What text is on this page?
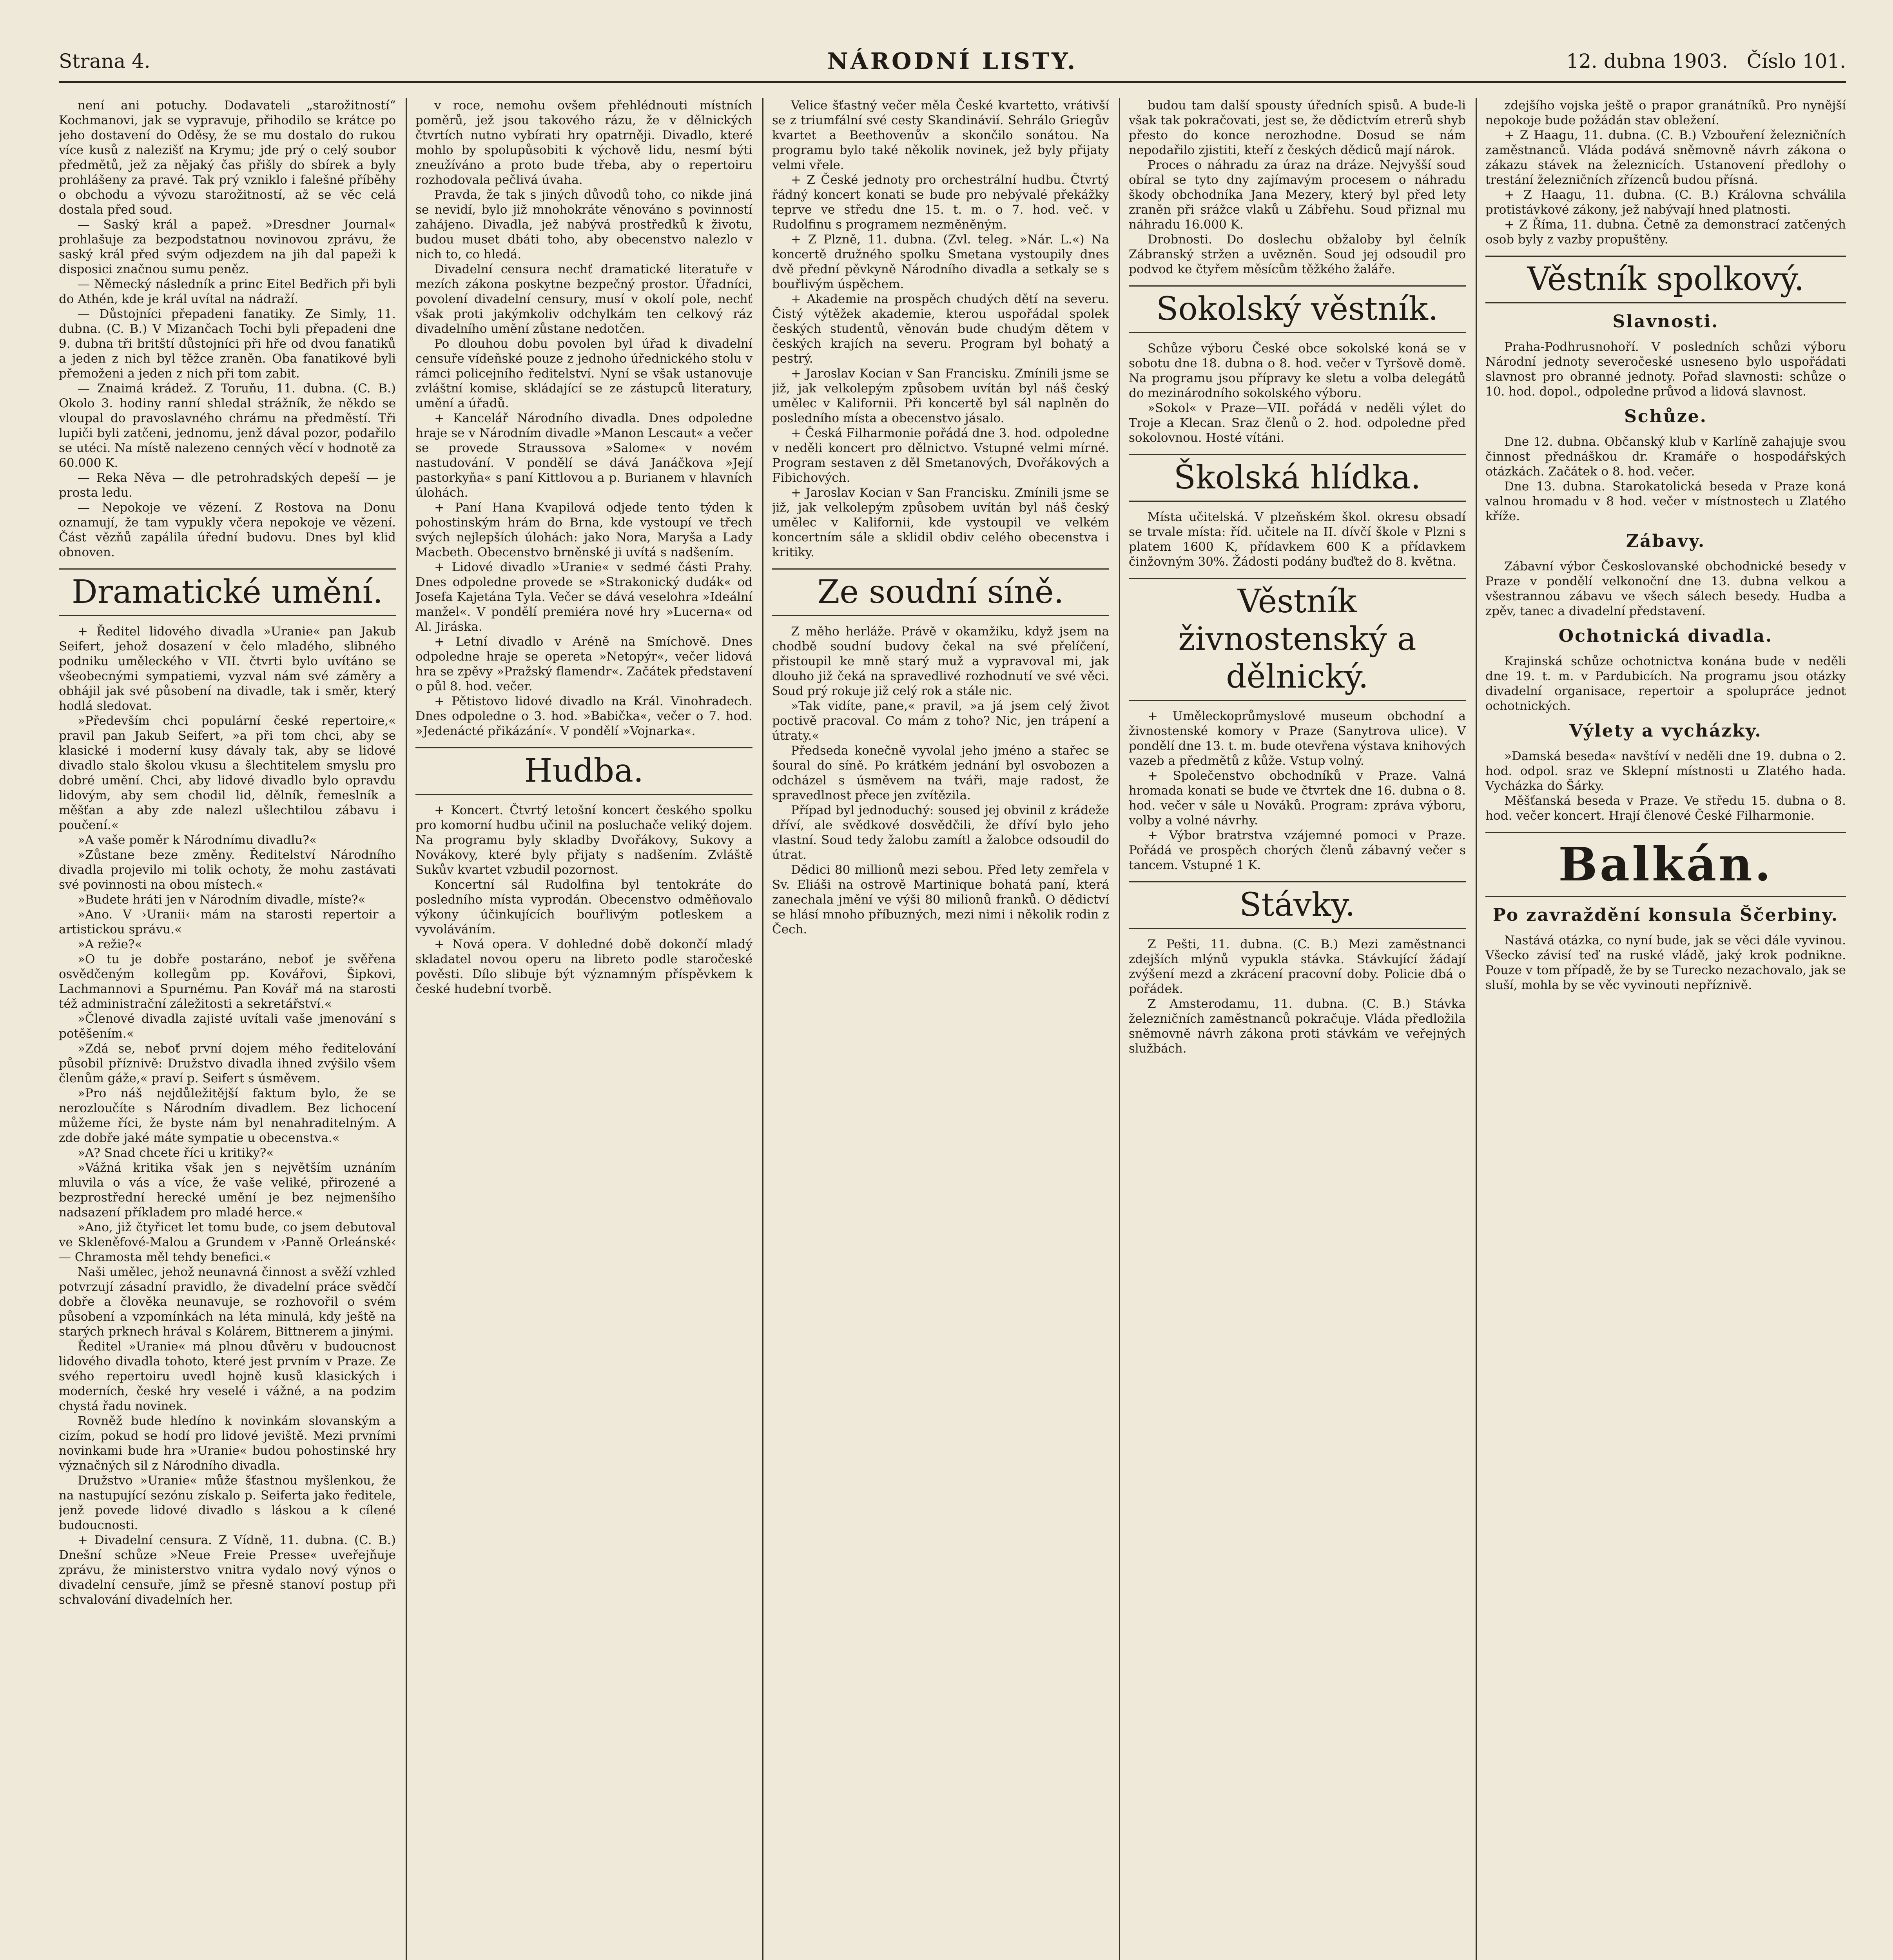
Strana 4.	NÁRODNÍ LISTY.	12. dubna 1903. Číslo 101.

není ani potuchy. Dodavateli „starožitností“ Kochmanovi, jak se vypravuje, přihodilo se krátce po jeho dostavení do Oděsy, že se mu dostalo do rukou více kusů z nalezišť na Krymu; jde prý o celý soubor předmětů, jež za nějaký čas přišly do sbírek a byly prohlášeny za pravé. Tak prý vzniklo i falešné příběhy o obchodu a vývozu starožitností, až se věc celá dostala před soud.

— Saský král a papež. »Dresdner Journal« prohlašuje za bezpodstatnou novinovou zprávu, že saský král před svým odjezdem na jih dal papeži k disposici značnou sumu peněz.

— Německý následník a princ Eitel Bedřich při byli do Athén, kde je král uvítal na nádraží.

— Důstojníci přepadeni fanatiky. Ze Simly, 11. dubna. (C. B.) V Mizančach Tochi byli přepadeni dne 9. dubna tři britští důstojníci při hře od dvou fanatiků a jeden z nich byl těžce zraněn. Oba fanatikové byli přemoženi a jeden z nich při tom zabit.

— Znaimá krádež. Z Toruňu, 11. dubna. (C. B.) Okolo 3. hodiny ranní shledal strážník, že někdo se vloupal do pravoslavného chrámu na předměstí. Tři lupiči byli zatčeni, jednomu, jenž dával pozor, podařilo se utéci. Na místě nalezeno cenných věcí v hodnotě za 60.000 K.

— Reka Něva — dle petrohradských depeší — je prosta ledu.

— Nepokoje ve vězení. Z Rostova na Donu oznamují, že tam vypukly včera nepokoje ve vězení. Část vězňů zapálila úřední budovu. Dnes byl klid obnoven.

Dramatické umění.

+ Ředitel lidového divadla »Uranie« pan Jakub Seifert, jehož dosazení v čelo mladého, slibného podniku uměleckého v VII. čtvrti bylo uvítáno se všeobecnými sympatiemi, vyzval nám své záměry a obhájil jak své působení na divadle, tak i směr, který hodlá sledovat.

»Především chci populární české repertoire,« pravil pan Jakub Seifert, »a při tom chci, aby se klasické i moderní kusy dávaly tak, aby se lidové divadlo stalo školou vkusu a šlechtitelem smyslu pro dobré umění. Chci, aby lidové divadlo bylo opravdu lidovým, aby sem chodil lid, dělník, řemeslník a měšťan a aby zde nalezl ušlechtilou zábavu i poučení.«

»A vaše poměr k Národnímu divadlu?«

»Zůstane beze změny. Ředitelství Národního divadla projevilo mi tolik ochoty, že mohu zastávati své povinnosti na obou místech.«

»Budete hráti jen v Národním divadle, míste?«

»Ano. V ›Uranii‹ mám na starosti repertoir a artistickou správu.«

»A režie?«

»O tu je dobře postaráno, neboť je svěřena osvědčeným kollegům pp. Kovářovi, Šipkovi, Lachmannovi a Spurnému. Pan Kovář má na starosti též administrační záležitosti a sekretářství.«

»Členové divadla zajisté uvítali vaše jmenování s potěšením.«

»Zdá se, neboť první dojem mého ředitelování působil příznivě: Družstvo divadla ihned zvýšilo všem členům gáže,« praví p. Seifert s úsměvem.

»Pro náš nejdůležitější faktum bylo, že se nerozloučíte s Národním divadlem. Bez lichocení můžeme říci, že byste nám byl nenahraditelným. A zde dobře jaké máte sympatie u obecenstva.«

»A? Snad chcete říci u kritiky?«

»Vážná kritika však jen s největším uznáním mluvila o vás a více, že vaše veliké, přirozené a bezprostřední herecké umění je bez nejmenšího nadsazení příkladem pro mladé herce.«

»Ano, již čtyřicet let tomu bude, co jsem debutoval ve Skleněfové-Malou a Grundem v ›Panně Orleánské‹ — Chramosta měl tehdy benefici.«

Naši umělec, jehož neunavná činnost a svěží vzhled potvrzují zásadní pravidlo, že divadelní práce svědčí dobře a člověka neunavuje, se rozhovořil o svém působení a vzpomínkách na léta minulá, kdy ještě na starých prknech hrával s Kolárem, Bittnerem a jinými.

Ředitel »Uranie« má plnou důvěru v budoucnost lidového divadla tohoto, které jest prvním v Praze. Ze svého repertoiru uvedl hojně kusů klasických i moderních, české hry veselé i vážné, a na podzim chystá řadu novinek.

Rovněž bude hledíno k novinkám slovanským a cizím, pokud se hodí pro lidové jeviště. Mezi prvními novinkami bude hra »Uranie« budou pohostinské hry význačných sil z Národního divadla.

Družstvo »Uranie« může šťastnou myšlenkou, že na nastupující sezónu získalo p. Seiferta jako ředitele, jenž povede lidové divadlo s láskou a k cílené budoucnosti.

+ Divadelní censura. Z Vídně, 11. dubna. (C. B.) Dnešní schůze »Neue Freie Presse« uveřejňuje zprávu, že ministerstvo vnitra vydalo nový výnos o divadelní censuře, jímž se přesně stanoví postup při schvalování divadelních her.

v roce, nemohu ovšem přehlédnouti místních poměrů, jež jsou takového rázu, že v dělnických čtvrtích nutno vybírati hry opatrněji. Divadlo, které mohlo by spolupůsobiti k výchově lidu, nesmí býti zneužíváno a proto bude třeba, aby o repertoiru rozhodovala pečlivá úvaha.

Pravda, že tak s jiných důvodů toho, co nikde jiná se nevidí, bylo již mnohokráte věnováno s povinností zahájeno. Divadla, jež nabývá prostředků k životu, budou muset dbáti toho, aby obecenstvo nalezlo v nich to, co hledá.

Divadelní censura nechť dramatické literatuře v mezích zákona poskytne bezpečný prostor. Úřadníci, povolení divadelní censury, musí v okolí pole, nechť však proti jakýmkoliv odchylkám ten celkový ráz divadelního umění zůstane nedotčen.

Po dlouhou dobu povolen byl úřad k divadelní censuře vídeňské pouze z jednoho úřednického stolu v rámci policejního ředitelství. Nyní se však ustanovuje zvláštní komise, skládající se ze zástupců literatury, umění a úřadů.

+ Kancelář Národního divadla. Dnes odpoledne hraje se v Národním divadle »Manon Lescaut« a večer se provede Straussova »Salome« v novém nastudování. V pondělí se dává Janáčkova »Její pastorkyňa« s paní Kittlovou a p. Burianem v hlavních úlohách.

+ Paní Hana Kvapilová odjede tento týden k pohostinským hrám do Brna, kde vystoupí ve třech svých nejlepších úlohách: jako Nora, Maryša a Lady Macbeth. Obecenstvo brněnské ji uvítá s nadšením.

+ Lidové divadlo »Uranie« v sedmé části Prahy. Dnes odpoledne provede se »Strakonický dudák« od Josefa Kajetána Tyla. Večer se dává veselohra »Ideální manžel«. V pondělí premiéra nové hry »Lucerna« od Al. Jiráska.

+ Letní divadlo v Aréně na Smíchově. Dnes odpoledne hraje se opereta »Netopýr«, večer lidová hra se zpěvy »Pražský flamendr«. Začátek představení o půl 8. hod. večer.

+ Pětistovo lidové divadlo na Král. Vinohradech. Dnes odpoledne o 3. hod. »Babička«, večer o 7. hod. »Jedenácté přikázání«. V pondělí »Vojnarka«.

Hudba.

+ Koncert. Čtvrtý letošní koncert českého spolku pro komorní hudbu učinil na posluchače veliký dojem. Na programu byly skladby Dvořákovy, Sukovy a Novákovy, které byly přijaty s nadšením. Zvláště Sukův kvartet vzbudil pozornost.

Koncertní sál Rudolfina byl tentokráte do posledního místa vyprodán. Obecenstvo odměňovalo výkony účinkujících bouřlivým potleskem a vyvoláváním.

+ Nová opera. V dohledné době dokončí mladý skladatel novou operu na libreto podle staročeské pověsti. Dílo slibuje být významným příspěvkem k české hudební tvorbě.

Velice šťastný večer měla České kvartetto, vrátivší se z triumfální své cesty Skandinávií. Sehrálo Griegův kvartet a Beethovenův a skončilo sonátou. Na programu bylo také několik novinek, jež byly přijaty velmi vřele.

+ Z České jednoty pro orchestrální hudbu. Čtvrtý řádný koncert konati se bude pro nebývalé překážky teprve ve středu dne 15. t. m. o 7. hod. več. v Rudolfinu s programem nezměněným.

+ Z Plzně, 11. dubna. (Zvl. teleg. »Nár. L.«) Na koncertě družného spolku Smetana vystoupily dnes dvě přední pěvkyně Národního divadla a setkaly se s bouřlivým úspěchem.

+ Akademie na prospěch chudých dětí na severu. Čistý výtěžek akademie, kterou uspořádal spolek českých studentů, věnován bude chudým dětem v českých krajích na severu. Program byl bohatý a pestrý.

+ Jaroslav Kocian v San Francisku. Zmínili jsme se již, jak velkolepým způsobem uvítán byl náš český umělec v Kalifornii. Při koncertě byl sál naplněn do posledního místa a obecenstvo jásalo.

+ Česká Filharmonie pořádá dne 3. hod. odpoledne v neděli koncert pro dělnictvo. Vstupné velmi mírné. Program sestaven z děl Smetanových, Dvořákových a Fibichových.

+ Jaroslav Kocian v San Francisku. Zmínili jsme se již, jak velkolepým způsobem uvítán byl náš český umělec v Kalifornii, kde vystoupil ve velkém koncertním sále a sklidil obdiv celého obecenstva i kritiky.

Ze soudní síně.

Z měho herláže. Právě v okamžiku, když jsem na chodbě soudní budovy čekal na své přelíčení, přistoupil ke mně starý muž a vypravoval mi, jak dlouho již čeká na spravedlivé rozhodnutí ve své věci. Soud prý rokuje již celý rok a stále nic.

»Tak vidíte, pane,« pravil, »a já jsem celý život poctivě pracoval. Co mám z toho? Nic, jen trápení a útraty.«

Předseda konečně vyvolal jeho jméno a stařec se šoural do síně. Po krátkém jednání byl osvobozen a odcházel s úsměvem na tváři, maje radost, že spravedlnost přece jen zvítězila.

Případ byl jednoduchý: soused jej obvinil z krádeže dříví, ale svědkové dosvědčili, že dříví bylo jeho vlastní. Soud tedy žalobu zamítl a žalobce odsoudil do útrat.

Dědici 80 millionů mezi sebou. Před lety zemřela v Sv. Eliáši na ostrově Martinique bohatá paní, která zanechala jmění ve výši 80 milionů franků. O dědictví se hlásí mnoho příbuzných, mezi nimi i několik rodin z Čech.

budou tam další spousty úředních spisů. A bude-li však tak pokračovati, jest se, že dědictvím etrerů shyb přesto do konce nerozhodne. Dosud se nám nepodařilo zjistiti, kteří z českých dědiců mají nárok.

Proces o náhradu za úraz na dráze. Nejvyšší soud obíral se tyto dny zajímavým procesem o náhradu škody obchodníka Jana Mezery, který byl před lety zraněn při srážce vlaků u Zábřehu. Soud přiznal mu náhradu 16.000 K.

Drobnosti. Do doslechu obžaloby byl čelník Zábranský stržen a uvězněn. Soud jej odsoudil pro podvod ke čtyřem měsícům těžkého žaláře.

Sokolský věstník.

Schůze výboru České obce sokolské koná se v sobotu dne 18. dubna o 8. hod. večer v Tyršově domě. Na programu jsou přípravy ke sletu a volba delegátů do mezinárodního sokolského výboru.

»Sokol« v Praze—VII. pořádá v neděli výlet do Troje a Klecan. Sraz členů o 2. hod. odpoledne před sokolovnou. Hosté vítáni.

Školská hlídka.

Místa učitelská. V plzeňském škol. okresu obsadí se trvale místa: říd. učitele na II. dívčí škole v Plzni s platem 1600 K, přídavkem 600 K a přídavkem činžovným 30%. Žádosti podány buďtež do 8. května.

Věstník živnostenský a dělnický.

+ Uměleckoprůmyslové museum obchodní a živnostenské komory v Praze (Sanytrova ulice). V pondělí dne 13. t. m. bude otevřena výstava knihových vazeb a předmětů z kůže. Vstup volný.

+ Společenstvo obchodníků v Praze. Valná hromada konati se bude ve čtvrtek dne 16. dubna o 8. hod. večer v sále u Nováků. Program: zpráva výboru, volby a volné návrhy.

+ Výbor bratrstva vzájemné pomoci v Praze. Pořádá ve prospěch chorých členů zábavný večer s tancem. Vstupné 1 K.

Stávky.

Z Pešti, 11. dubna. (C. B.) Mezi zaměstnanci zdejších mlýnů vypukla stávka. Stávkující žádají zvýšení mezd a zkrácení pracovní doby. Policie dbá o pořádek.

Z Amsterodamu, 11. dubna. (C. B.) Stávka železničních zaměstnanců pokračuje. Vláda předložila sněmovně návrh zákona proti stávkám ve veřejných službách.

zdejšího vojska ještě o prapor granátníků. Pro nynější nepokoje bude požádán stav obležení.

+ Z Haagu, 11. dubna. (C. B.) Vzbouření železničních zaměstnanců. Vláda podává sněmovně návrh zákona o zákazu stávek na železnicích. Ustanovení předlohy o trestání železničních zřízenců budou přísná.

+ Z Haagu, 11. dubna. (C. B.) Královna schválila protistávkové zákony, jež nabývají hned platnosti.

+ Z Říma, 11. dubna. Četně za demonstrací zatčených osob byly z vazby propuštěny.

Věstník spolkový.
Slavnosti.

Praha-Podhrusnohoří. V posledních schůzi výboru Národní jednoty severočeské usneseno bylo uspořádati slavnost pro obranné jednoty. Pořad slavnosti: schůze o 10. hod. dopol., odpoledne průvod a lidová slavnost.

Schůze.

Dne 12. dubna. Občanský klub v Karlíně zahajuje svou činnost přednáškou dr. Kramáře o hospodářských otázkách. Začátek o 8. hod. večer.

Dne 13. dubna. Starokatolická beseda v Praze koná valnou hromadu v 8 hod. večer v místnostech u Zlatého kříže.

Zábavy.

Zábavní výbor Českoslovanské obchodnické besedy v Praze v pondělí velkonoční dne 13. dubna velkou a všestrannou zábavu ve všech sálech besedy. Hudba a zpěv, tanec a divadelní představení.

Ochotnická divadla.

Krajinská schůze ochotnictva konána bude v neděli dne 19. t. m. v Pardubicích. Na programu jsou otázky divadelní organisace, repertoir a spolupráce jednot ochotnických.

Výlety a vycházky.

»Damská beseda« navštíví v neděli dne 19. dubna o 2. hod. odpol. sraz ve Sklepní místnosti u Zlatého hada. Vycházka do Šárky.

Měšťanská beseda v Praze. Ve středu 15. dubna o 8. hod. večer koncert. Hrají členové České Filharmonie.

Balkán.
Po zavraždění konsula Ščerbiny.

Nastává otázka, co nyní bude, jak se věci dále vyvinou. Všecko závisí teď na ruské vládě, jaký krok podnikne. Pouze v tom případě, že by se Turecko nezachovalo, jak se sluší, mohla by se věc vyvinouti nepříznivě.
